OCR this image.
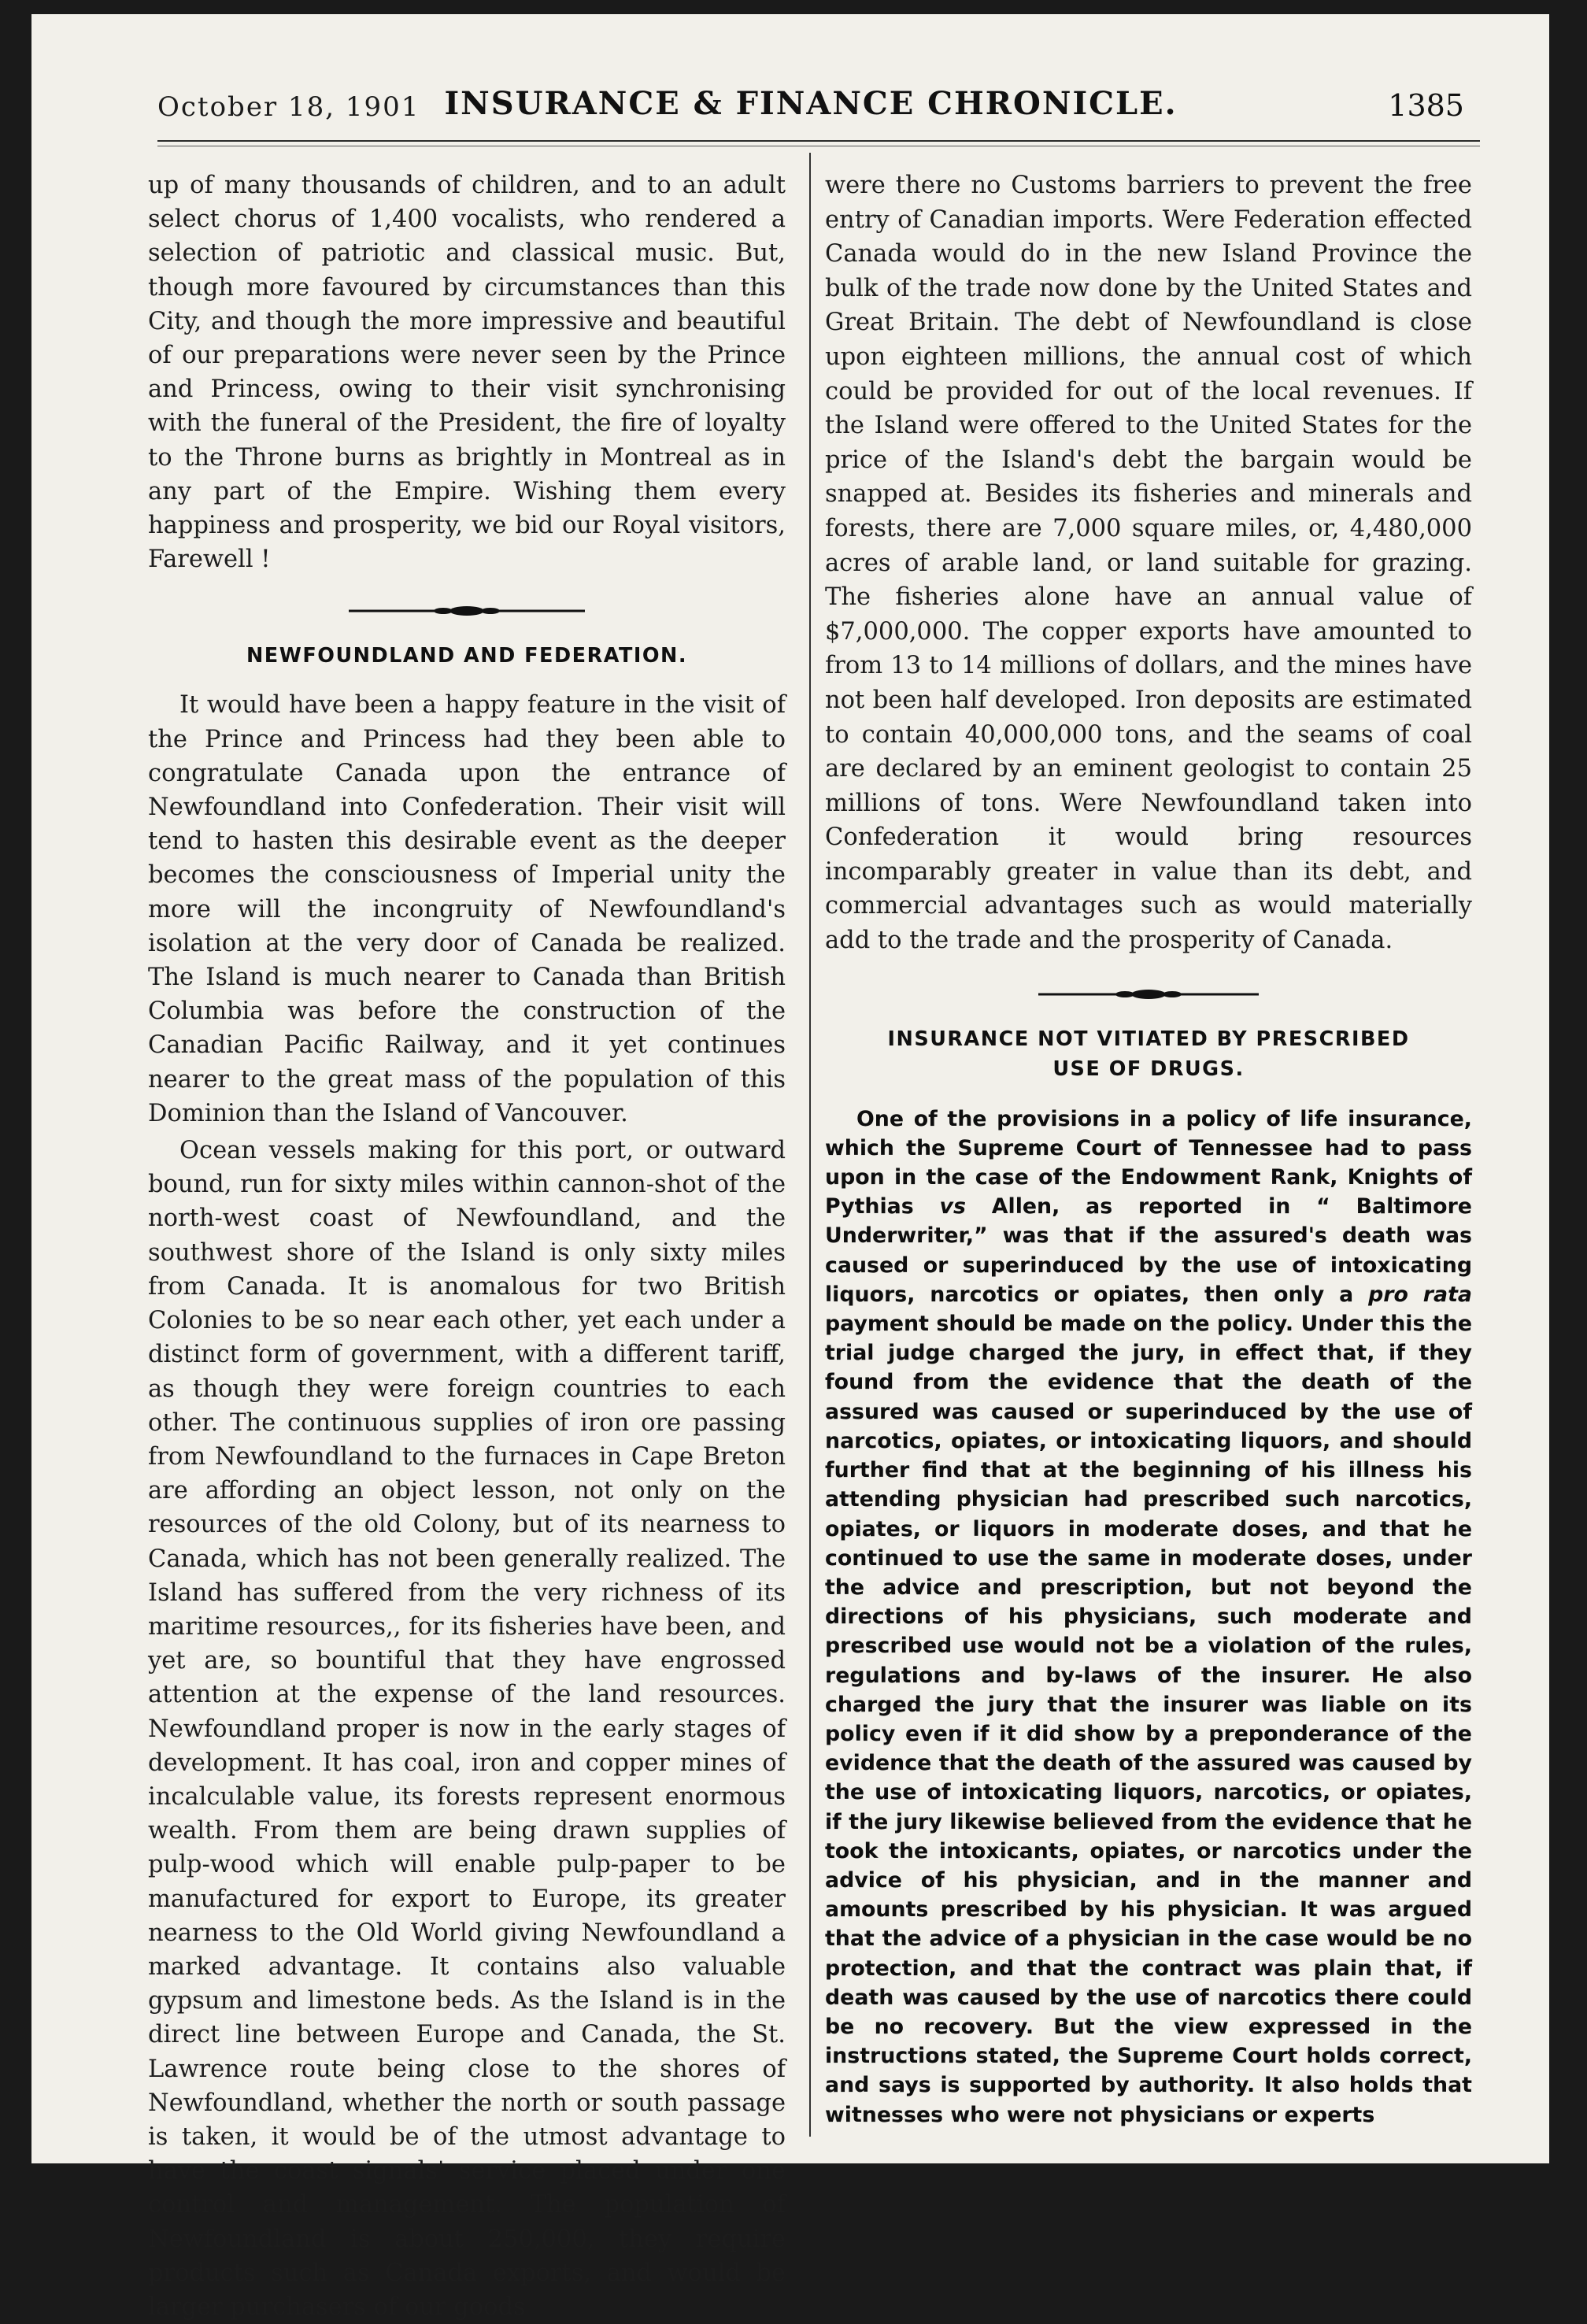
October 18, 1901 INSURANCE & FINANCE CHRONICLE.	1385

up of many thousands of children, and to an adult select chorus of 1,400 vocalists, who rendered a selection of patriotic and classical music. But, though more favoured by circumstances than this City, and though the more impressive and beautiful of our preparations were never seen by the Prince and Princess, owing to their visit synchronising with the funeral of the President, the fire of loyalty to the Throne burns as brightly in Montreal as in any part of the Empire. Wishing them every happiness and prosperity, we bid our Royal visitors, Farewell !

NEWFOUNDLAND AND FEDERATION.

It would have been a happy feature in the visit of the Prince and Princess had they been able to congratulate Canada upon the entrance of Newfoundland into Confederation. Their visit will tend to hasten this desirable event as the deeper becomes the consciousness of Imperial unity the more will the incongruity of Newfoundland's isolation at the very door of Canada be realized. The Island is much nearer to Canada than British Columbia was before the construction of the Canadian Pacific Railway, and it yet continues nearer to the great mass of the population of this Dominion than the Island of Vancouver.

Ocean vessels making for this port, or outward bound, run for sixty miles within cannon-shot of the north-west coast of Newfoundland, and the southwest shore of the Island is only sixty miles from Canada. It is anomalous for two British Colonies to be so near each other, yet each under a distinct form of government, with a different tariff, as though they were foreign countries to each other. The continuous supplies of iron ore passing from Newfoundland to the furnaces in Cape Breton are affording an object lesson, not only on the resources of the old Colony, but of its nearness to Canada, which has not been generally realized. The Island has suffered from the very richness of its maritime resources,, for its fisheries have been, and yet are, so bountiful that they have engrossed attention at the expense of the land resources. Newfoundland proper is now in the early stages of development. It has coal, iron and copper mines of incalculable value, its forests represent enormous wealth. From them are being drawn supplies of pulp-wood which will enable pulp-paper to be manufactured for export to Europe, its greater nearness to the Old World giving Newfoundland a marked advantage. It contains also valuable gypsum and limestone beds. As the Island is in the direct line between Europe and Canada, the St. Lawrence route being close to the shores of Newfoundland, whether the north or south passage is taken, it would be of the utmost advantage to have the coast signals' service placed under one control and management. The population of Newfoundland is about 250,000, they require products such as Canada exports, and would be larger purchasers of our goods

were there no Customs barriers to prevent the free entry of Canadian imports. Were Federation effected Canada would do in the new Island Province the bulk of the trade now done by the United States and Great Britain. The debt of Newfoundland is close upon eighteen millions, the annual cost of which could be provided for out of the local revenues. If the Island were offered to the United States for the price of the Island's debt the bargain would be snapped at. Besides its fisheries and minerals and forests, there are 7,000 square miles, or, 4,480,000 acres of arable land, or land suitable for grazing. The fisheries alone have an annual value of $7,000,000. The copper exports have amounted to from 13 to 14 millions of dollars, and the mines have not been half developed. Iron deposits are estimated to contain 40,000,000 tons, and the seams of coal are declared by an eminent geologist to contain 25 millions of tons. Were Newfoundland taken into Confederation it would bring resources incomparably greater in value than its debt, and commercial advantages such as would materially add to the trade and the prosperity of Canada.

INSURANCE NOT VITIATED BY PRESCRIBED
USE OF DRUGS.

One of the provisions in a policy of life insurance, which the Supreme Court of Tennessee had to pass upon in the case of the Endowment Rank, Knights of Pythias vs Allen, as reported in “ Baltimore Underwriter,” was that if the assured's death was caused or superinduced by the use of intoxicating liquors, narcotics or opiates, then only a pro rata payment should be made on the policy. Under this the trial judge charged the jury, in effect that, if they found from the evidence that the death of the assured was caused or superinduced by the use of narcotics, opiates, or intoxicating liquors, and should further find that at the beginning of his illness his attending physician had prescribed such narcotics, opiates, or liquors in moderate doses, and that he continued to use the same in moderate doses, under the advice and prescription, but not beyond the directions of his physicians, such moderate and prescribed use would not be a violation of the rules, regulations and by-laws of the insurer. He also charged the jury that the insurer was liable on its policy even if it did show by a preponderance of the evidence that the death of the assured was caused by the use of intoxicating liquors, narcotics, or opiates, if the jury likewise believed from the evidence that he took the intoxicants, opiates, or narcotics under the advice of his physician, and in the manner and amounts prescribed by his physician. It was argued that the advice of a physician in the case would be no protection, and that the contract was plain that, if death was caused by the use of narcotics there could be no recovery. But the view expressed in the instructions stated, the Supreme Court holds correct, and says is supported by authority. It also holds that witnesses who were not physicians or experts
